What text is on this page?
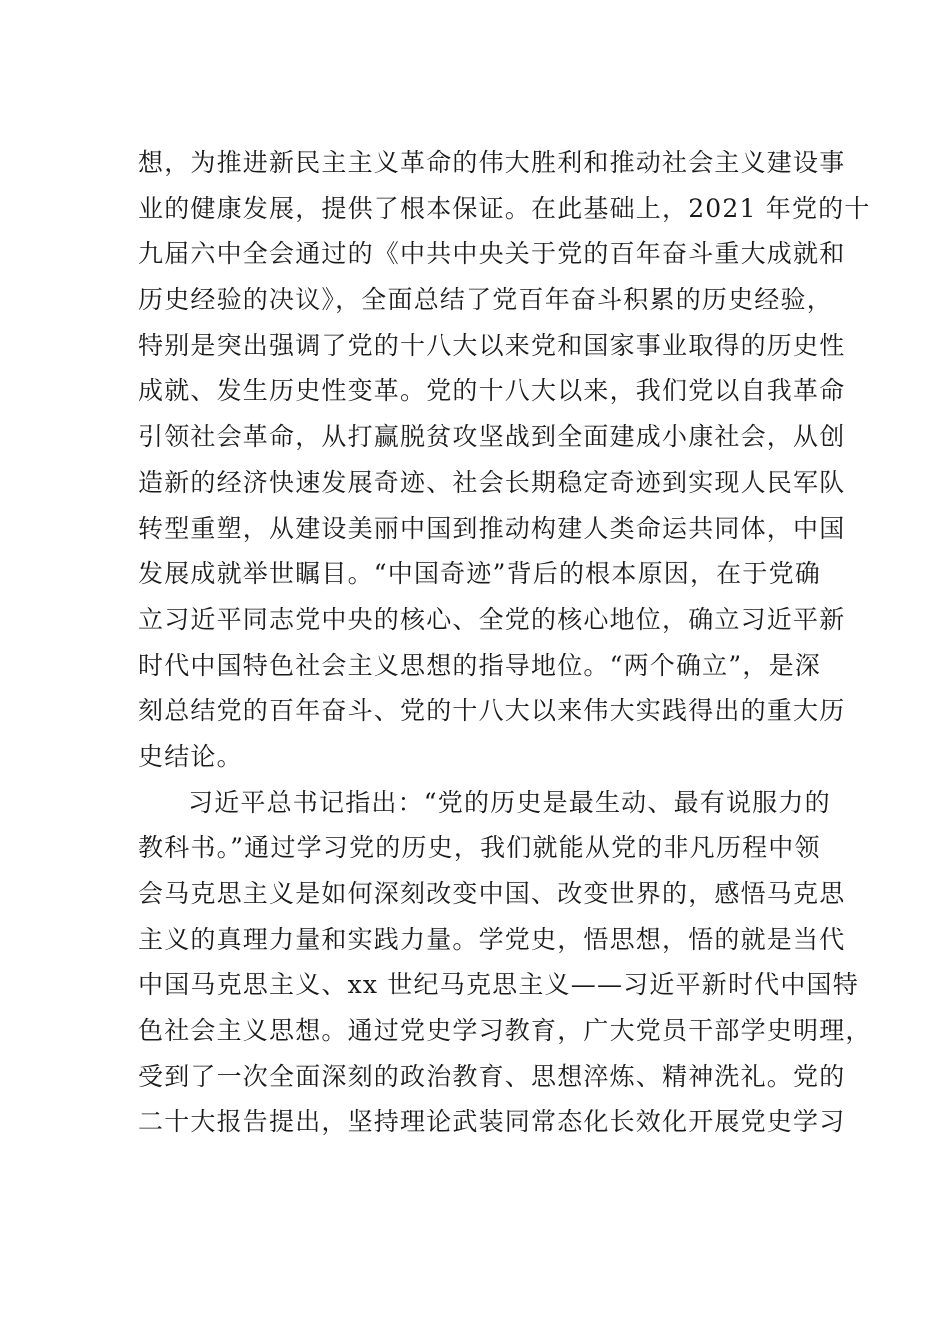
想，为推进新民主主义革命的伟大胜利和推动社会主义建设事
业的健康发展，提供了根本保证。在此基础上，2021 年党的十
九届六中全会通过的《中共中央关于党的百年奋斗重大成就和
历史经验的决议》，全面总结了党百年奋斗积累的历史经验，
特别是突出强调了党的十八大以来党和国家事业取得的历史性
成就、发生历史性变革。党的十八大以来，我们党以自我革命
引领社会革命，从打赢脱贫攻坚战到全面建成小康社会，从创
造新的经济快速发展奇迹、社会长期稳定奇迹到实现人民军队
转型重塑，从建设美丽中国到推动构建人类命运共同体，中国
发展成就举世瞩目。“中国奇迹”背后的根本原因，在于党确
立习近平同志党中央的核心、全党的核心地位，确立习近平新
时代中国特色社会主义思想的指导地位。“两个确立”，是深
刻总结党的百年奋斗、党的十八大以来伟大实践得出的重大历
史结论。
习近平总书记指出：“党的历史是最生动、最有说服力的
教科书。”通过学习党的历史，我们就能从党的非凡历程中领
会马克思主义是如何深刻改变中国、改变世界的，感悟马克思
主义的真理力量和实践力量。学党史，悟思想，悟的就是当代
中国马克思主义、xx 世纪马克思主义——习近平新时代中国特
色社会主义思想。通过党史学习教育，广大党员干部学史明理，
受到了一次全面深刻的政治教育、思想淬炼、精神洗礼。党的
二十大报告提出，坚持理论武装同常态化长效化开展党史学习
